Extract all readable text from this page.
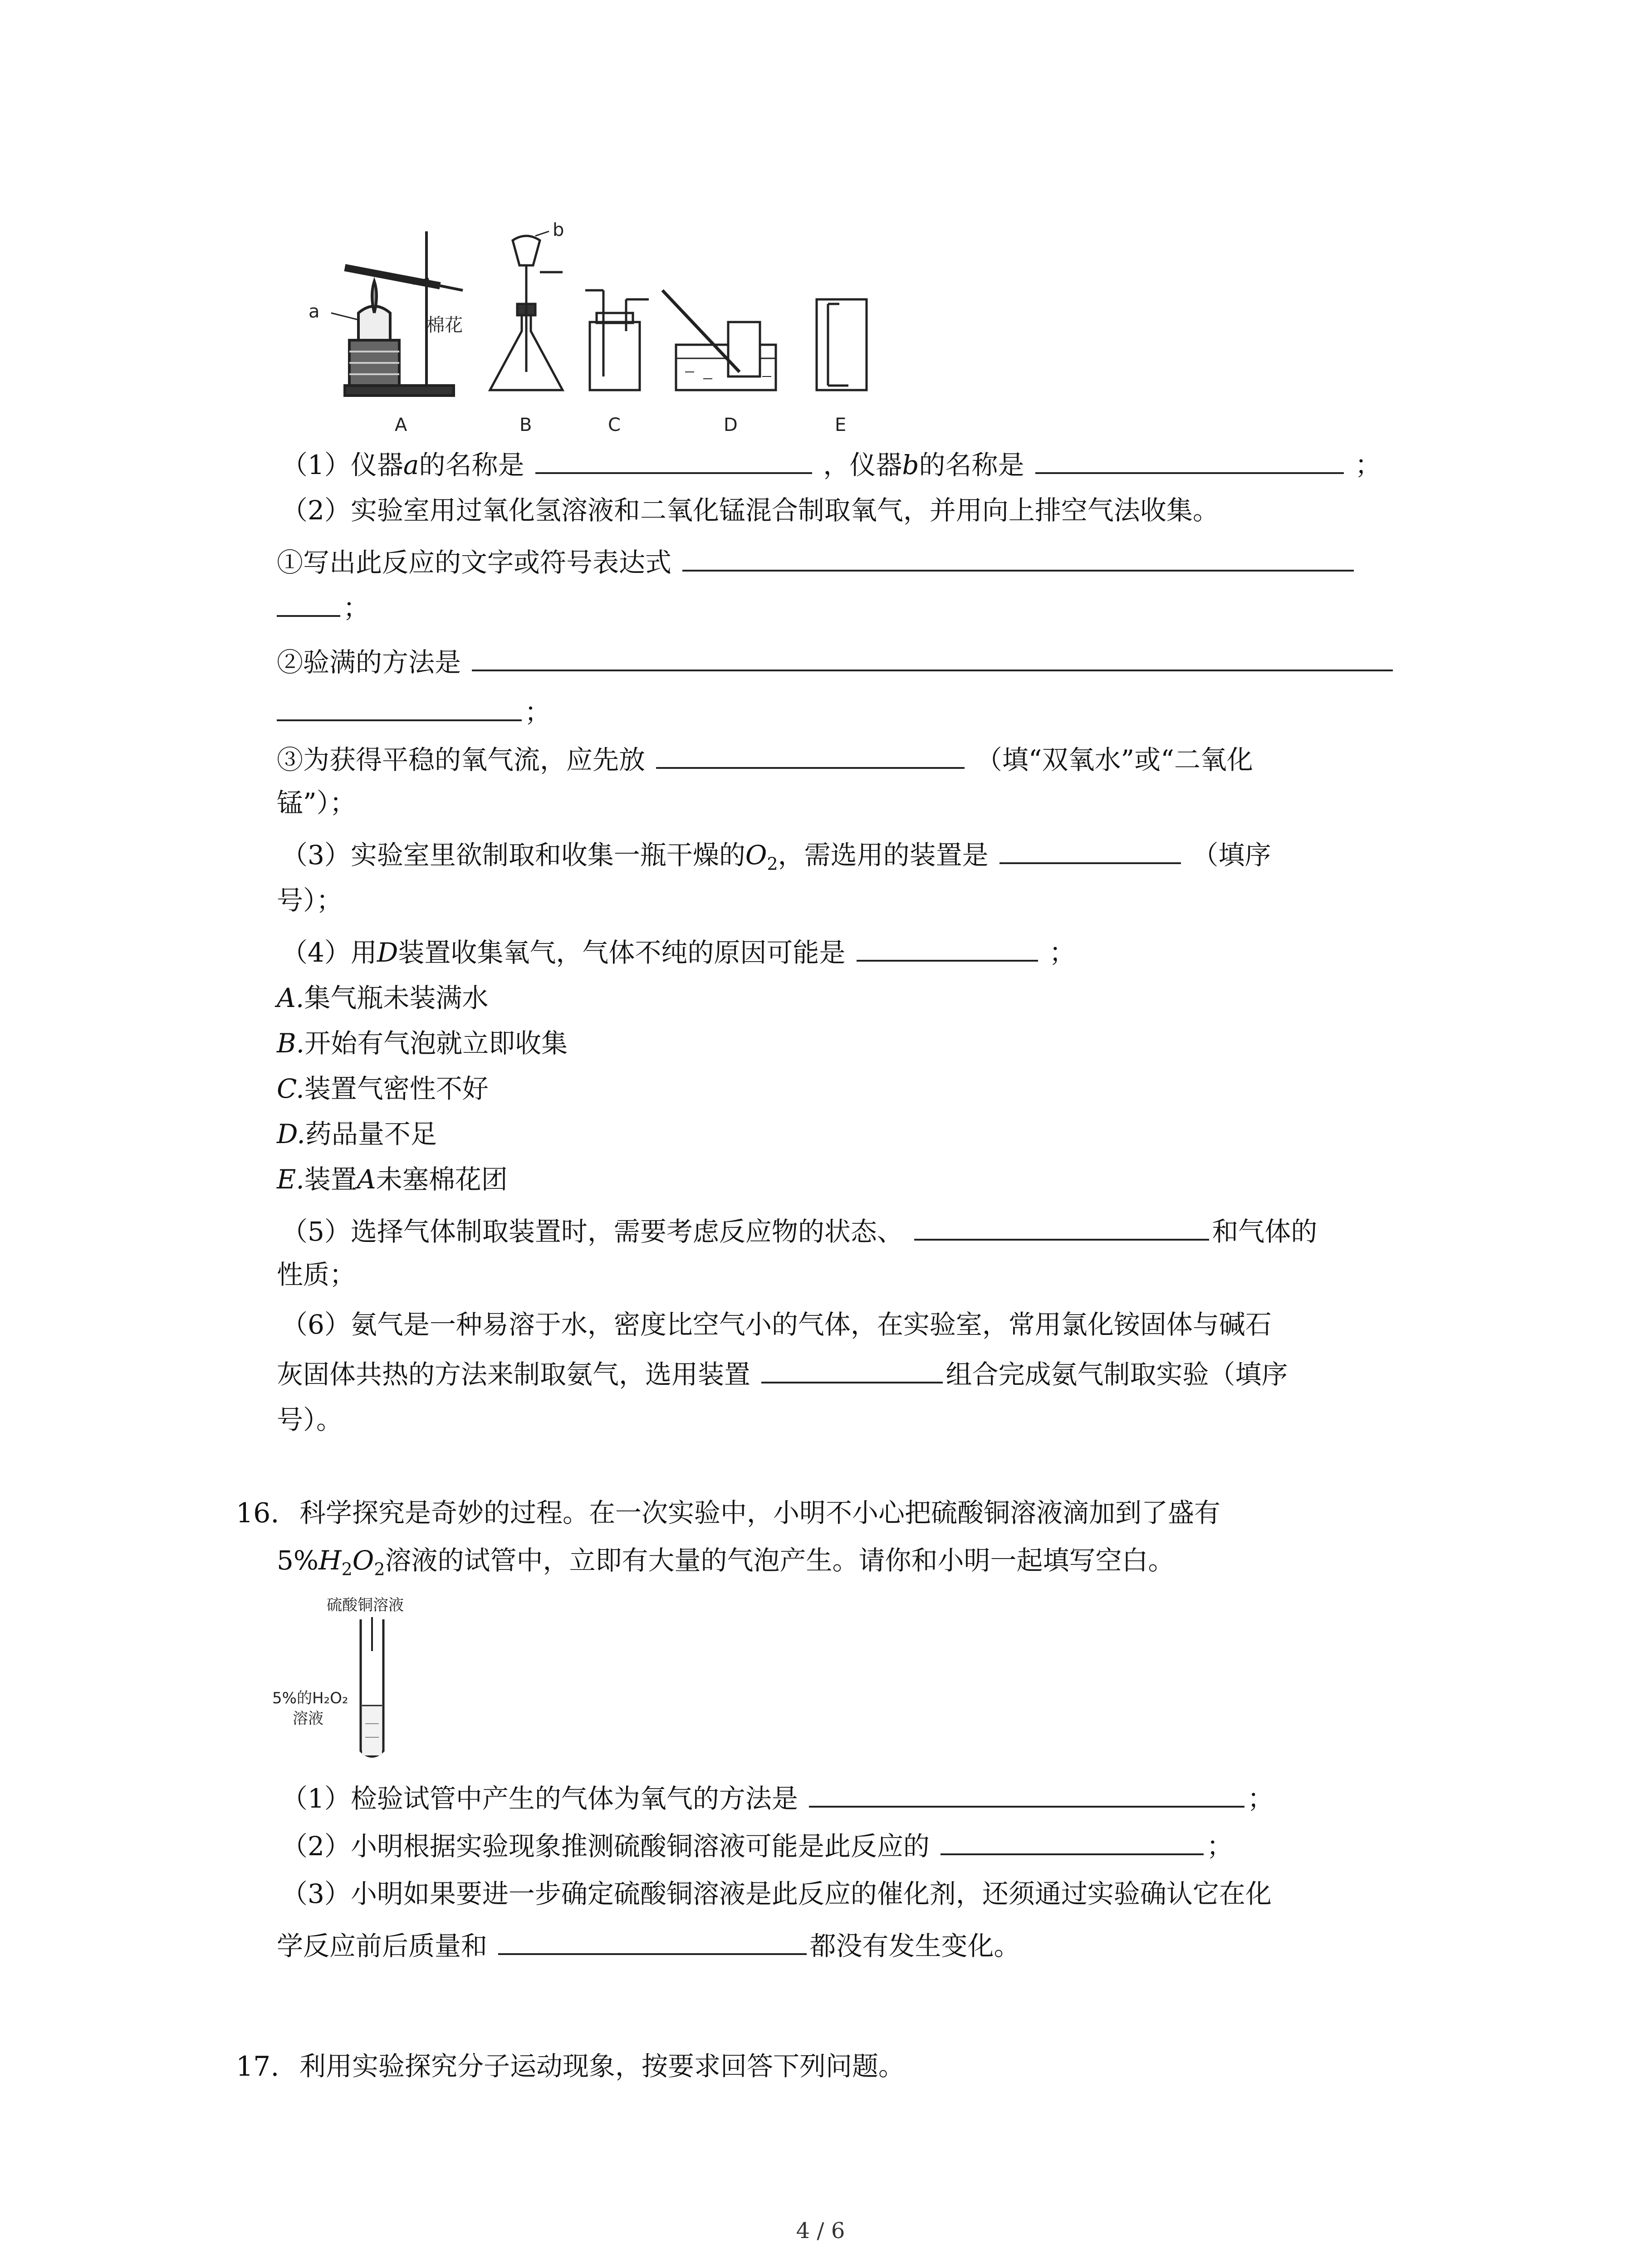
a
棉花
A
b
B	C	D	E
（1）仪器a的名称是	，仪器b的名称是	；
（2）实验室用过氧化氢溶液和二氧化锰混合制取氧气，并用向上排空气法收集。
①写出此反应的文字或符号表达式
；
②验满的方法是
；
③为获得平稳的氧气流，应先放	（填“双氧水”或“二氧化
锰”）；
（3）实验室里欲制取和收集一瓶干燥的$O_2$，需选用的装置是	（填序
号）；
（4）用D装置收集氧气，气体不纯的原因可能是	；
A.集气瓶未装满水
B.开始有气泡就立即收集
C.装置气密性不好
D.药品量不足
E.装置A未塞棉花团
（5）选择气体制取装置时，需要考虑反应物的状态、	和气体的
性质；
（6）氨气是一种易溶于水，密度比空气小的气体，在实验室，常用氯化铵固体与碱石
灰固体共热的方法来制取氨气，选用装置	组合完成氨气制取实验（填序
号）。
16. 科学探究是奇妙的过程。在一次实验中，小明不小心把硫酸铜溶液滴加到了盛有
$5\%H_2O_2$溶液的试管中，立即有大量的气泡产生。请你和小明一起填写空白。
硫酸铜溶液
5%的H₂O₂
溶液
（1）检验试管中产生的气体为氧气的方法是	；
（2）小明根据实验现象推测硫酸铜溶液可能是此反应的	；
（3）小明如果要进一步确定硫酸铜溶液是此反应的催化剂，还须通过实验确认它在化
学反应前后质量和	都没有发生变化。
17. 利用实验探究分子运动现象，按要求回答下列问题。
4 / 6
